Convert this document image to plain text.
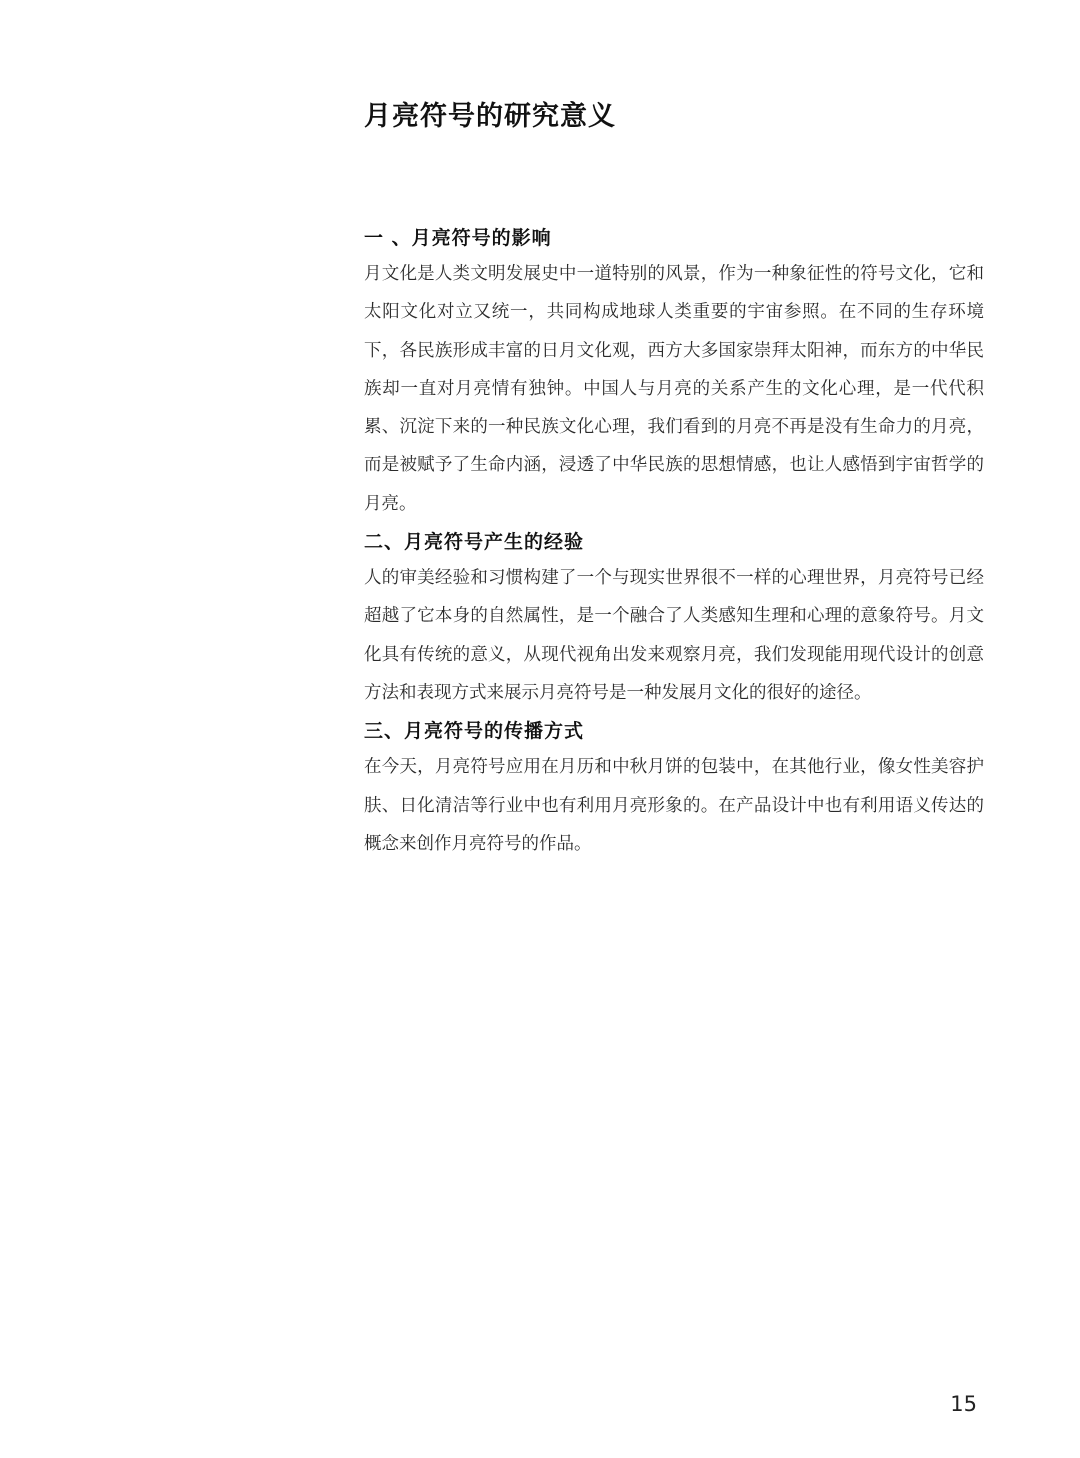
月亮符号的研究意义
一 、月亮符号的影响

月文化是人类文明发展史中一道特别的风景，作为一种象征性的符号文化，它和太阳文化对立又统一，共同构成地球人类重要的宇宙参照。在不同的生存环境下，各民族形成丰富的日月文化观，西方大多国家崇拜太阳神，而东方的中华民族却一直对月亮情有独钟。中国人与月亮的关系产生的文化心理，是一代代积累、沉淀下来的一种民族文化心理，我们看到的月亮不再是没有生命力的月亮，而是被赋予了生命内涵，浸透了中华民族的思想情感，也让人感悟到宇宙哲学的月亮。

二、月亮符号产生的经验

人的审美经验和习惯构建了一个与现实世界很不一样的心理世界，月亮符号已经超越了它本身的自然属性，是一个融合了人类感知生理和心理的意象符号。月文化具有传统的意义，从现代视角出发来观察月亮，我们发现能用现代设计的创意方法和表现方式来展示月亮符号是一种发展月文化的很好的途径。

三、月亮符号的传播方式

在今天，月亮符号应用在月历和中秋月饼的包装中，在其他行业，像女性美容护肤、日化清洁等行业中也有利用月亮形象的。在产品设计中也有利用语义传达的概念来创作月亮符号的作品。

15
